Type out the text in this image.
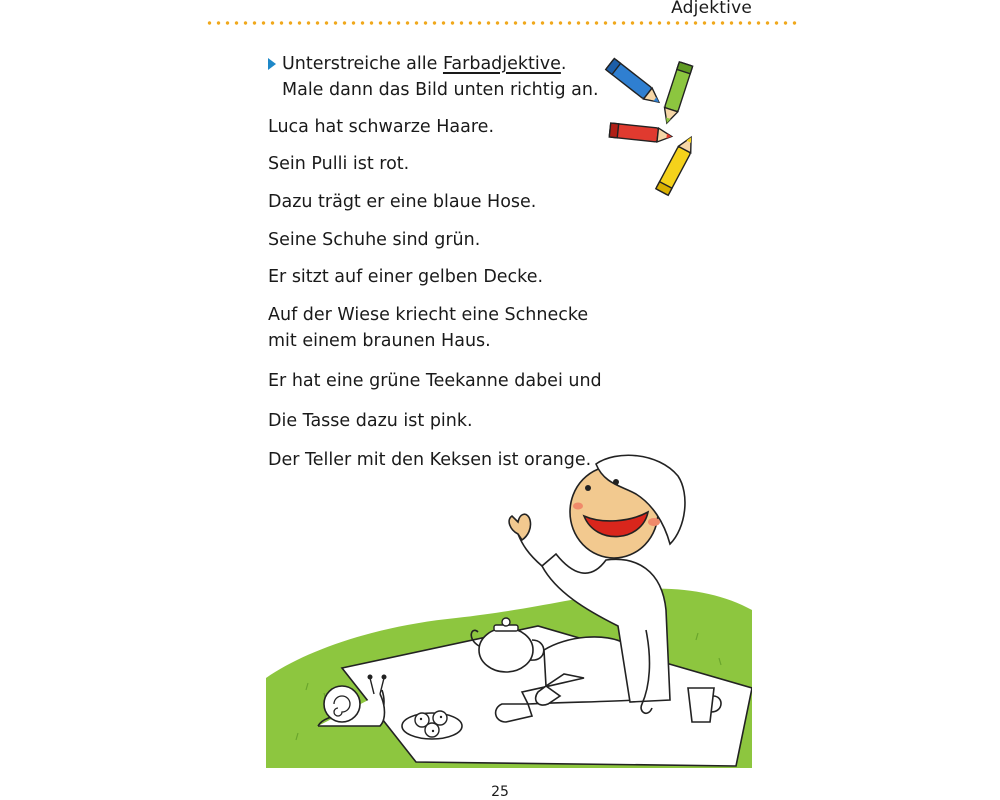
Adjektive
Unterstreiche alle Farbadjektive.
Male dann das Bild unten richtig an.
Luca hat schwarze Haare.
Sein Pulli ist rot.
Dazu trägt er eine blaue Hose.
Seine Schuhe sind grün.
Er sitzt auf einer gelben Decke.
Auf der Wiese kriecht eine Schnecke
mit einem braunen Haus.
Er hat eine grüne Teekanne dabei und
Die Tasse dazu ist pink.
Der Teller mit den Keksen ist orange.
25
